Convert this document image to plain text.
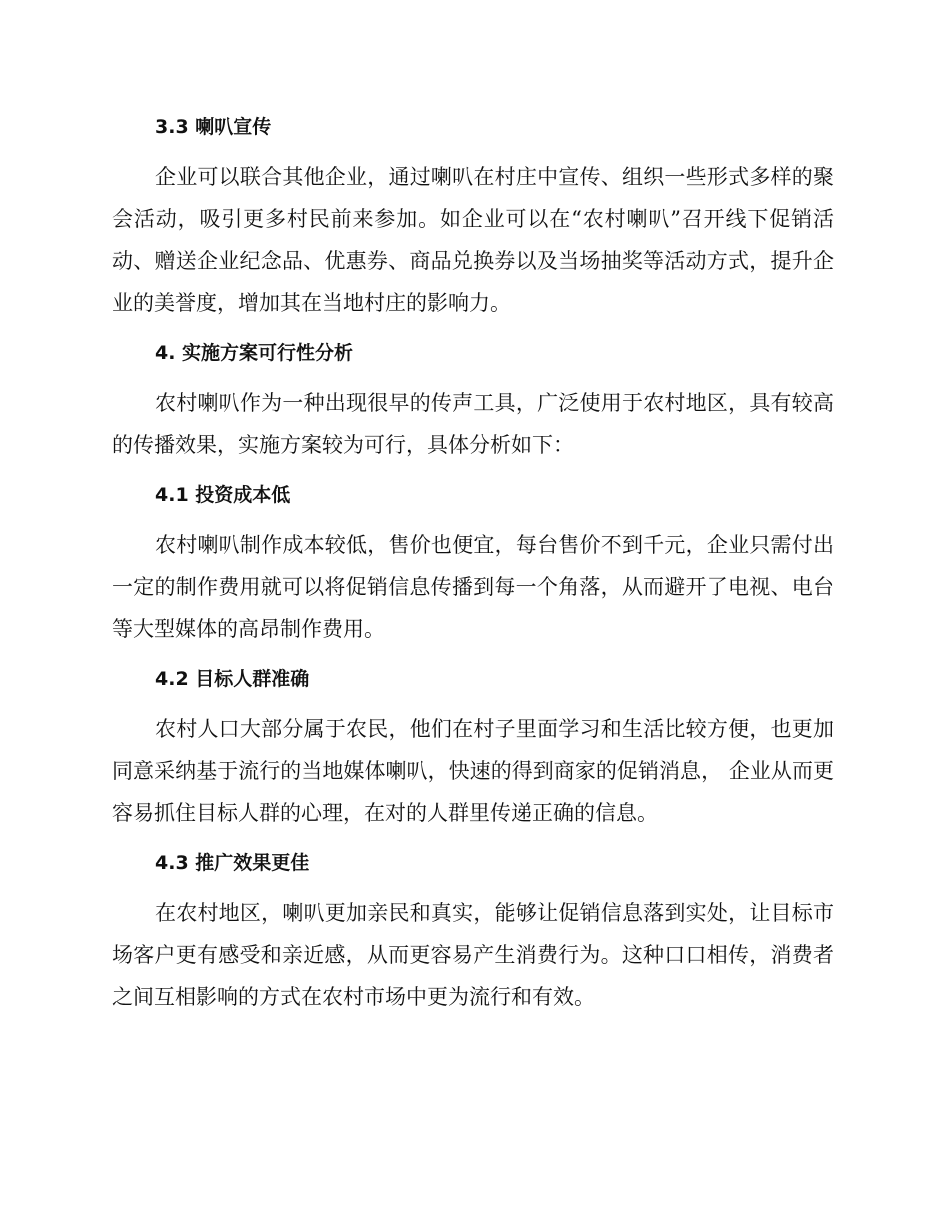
3.3 喇叭宣传

企业可以联合其他企业，通过喇叭在村庄中宣传、组织一些形式多样的聚会活动，吸引更多村民前来参加。如企业可以在“农村喇叭”召开线下促销活动、赠送企业纪念品、优惠券、商品兑换券以及当场抽奖等活动方式，提升企业的美誉度，增加其在当地村庄的影响力。

4. 实施方案可行性分析

农村喇叭作为一种出现很早的传声工具，广泛使用于农村地区，具有较高的传播效果，实施方案较为可行，具体分析如下：

4.1 投资成本低

农村喇叭制作成本较低，售价也便宜，每台售价不到千元，企业只需付出一定的制作费用就可以将促销信息传播到每一个角落，从而避开了电视、电台等大型媒体的高昂制作费用。

4.2 目标人群准确

农村人口大部分属于农民，他们在村子里面学习和生活比较方便，也更加同意采纳基于流行的当地媒体喇叭，快速的得到商家的促销消息， 企业从而更容易抓住目标人群的心理，在对的人群里传递正确的信息。

4.3 推广效果更佳

在农村地区，喇叭更加亲民和真实，能够让促销信息落到实处，让目标市场客户更有感受和亲近感，从而更容易产生消费行为。这种口口相传，消费者之间互相影响的方式在农村市场中更为流行和有效。
